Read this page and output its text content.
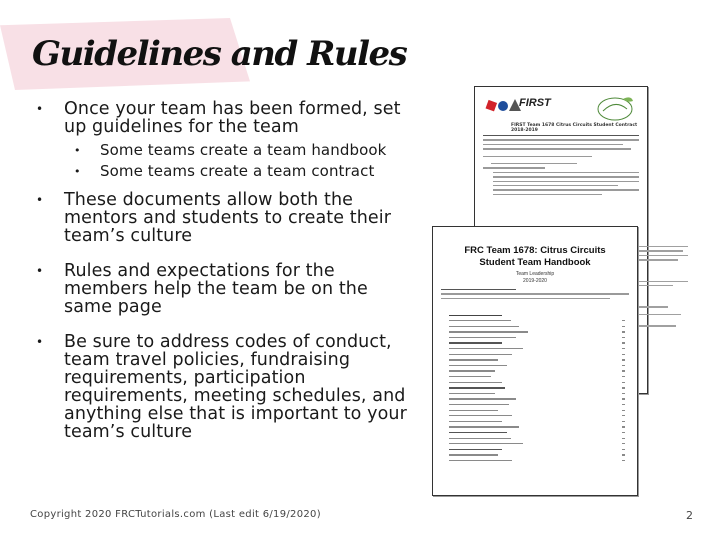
Guidelines and Rules
• Once your team has been formed, set up guidelines for the team
• Some teams create a team handbook
• Some teams create a team contract
• These documents allow both the mentors and students to create their team’s culture
• Rules and expectations for the members help the team be on the same page
• Be sure to address codes of conduct, team travel policies, fundraising requirements, participation requirements, meeting schedules, and anything else that is important to your team’s culture
FIRST
FIRST Team 1678 Citrus Circuits Student Contract 2018-2019
FRC Team 1678: Citrus Circuits
Student Team Handbook
Team Leadership
2019-2020
Copyright 2020 FRCTutorials.com (Last edit 6/19/2020)	2
